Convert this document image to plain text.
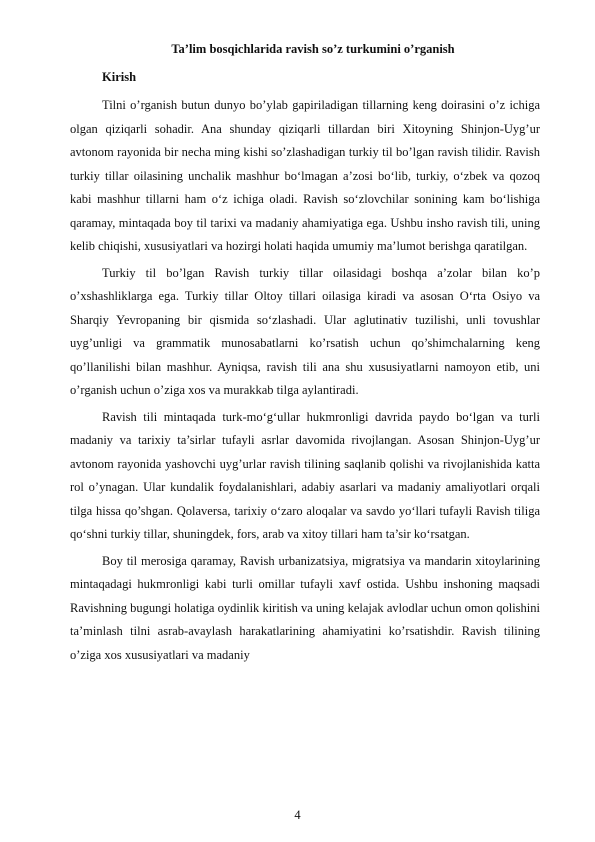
Ta’lim bosqichlarida ravish so’z turkumini o’rganish
Kirish

Tilni o’rganish butun dunyo bo’ylab gapiriladigan tillarning keng doirasini o’z ichiga olgan qiziqarli sohadir. Ana shunday qiziqarli tillardan biri Xitoyning Shinjon-Uyg’ur avtonom rayonida bir necha ming kishi so’zlashadigan turkiy til bo’lgan ravish tilidir. Ravish turkiy tillar oilasining unchalik mashhur bo‘lmagan a’zosi bo‘lib, turkiy, o‘zbek va qozoq kabi mashhur tillarni ham o‘z ichiga oladi. Ravish so‘zlovchilar sonining kam bo‘lishiga qaramay, mintaqada boy til tarixi va madaniy ahamiyatiga ega. Ushbu insho ravish tili, uning kelib chiqishi, xususiyatlari va hozirgi holati haqida umumiy ma’lumot berishga qaratilgan.

Turkiy til bo’lgan Ravish turkiy tillar oilasidagi boshqa a’zolar bilan ko’p o’xshashliklarga ega. Turkiy tillar Oltoy tillari oilasiga kiradi va asosan O‘rta Osiyo va Sharqiy Yevropaning bir qismida so‘zlashadi. Ular aglutinativ tuzilishi, unli tovushlar uyg’unligi va grammatik munosabatlarni ko’rsatish uchun qo’shimchalarning keng qo’llanilishi bilan mashhur. Ayniqsa, ravish tili ana shu xususiyatlarni namoyon etib, uni o’rganish uchun o’ziga xos va murakkab tilga aylantiradi.

Ravish tili mintaqada turk-mo‘g‘ullar hukmronligi davrida paydo bo‘lgan va turli madaniy va tarixiy ta’sirlar tufayli asrlar davomida rivojlangan. Asosan Shinjon-Uyg’ur avtonom rayonida yashovchi uyg’urlar ravish tilining saqlanib qolishi va rivojlanishida katta rol o’ynagan. Ular kundalik foydalanishlari, adabiy asarlari va madaniy amaliyotlari orqali tilga hissa qo’shgan. Qolaversa, tarixiy o‘zaro aloqalar va savdo yo‘llari tufayli Ravish tiliga qo‘shni turkiy tillar, shuningdek, fors, arab va xitoy tillari ham ta’sir ko‘rsatgan.

Boy til merosiga qaramay, Ravish urbanizatsiya, migratsiya va mandarin xitoylarining mintaqadagi hukmronligi kabi turli omillar tufayli xavf ostida. Ushbu inshoning maqsadi Ravishning bugungi holatiga oydinlik kiritish va uning kelajak avlodlar uchun omon qolishini ta’minlash tilni asrab-avaylash harakatlarining ahamiyatini ko’rsatishdir. Ravish tilining o’ziga xos xususiyatlari va madaniy

4
